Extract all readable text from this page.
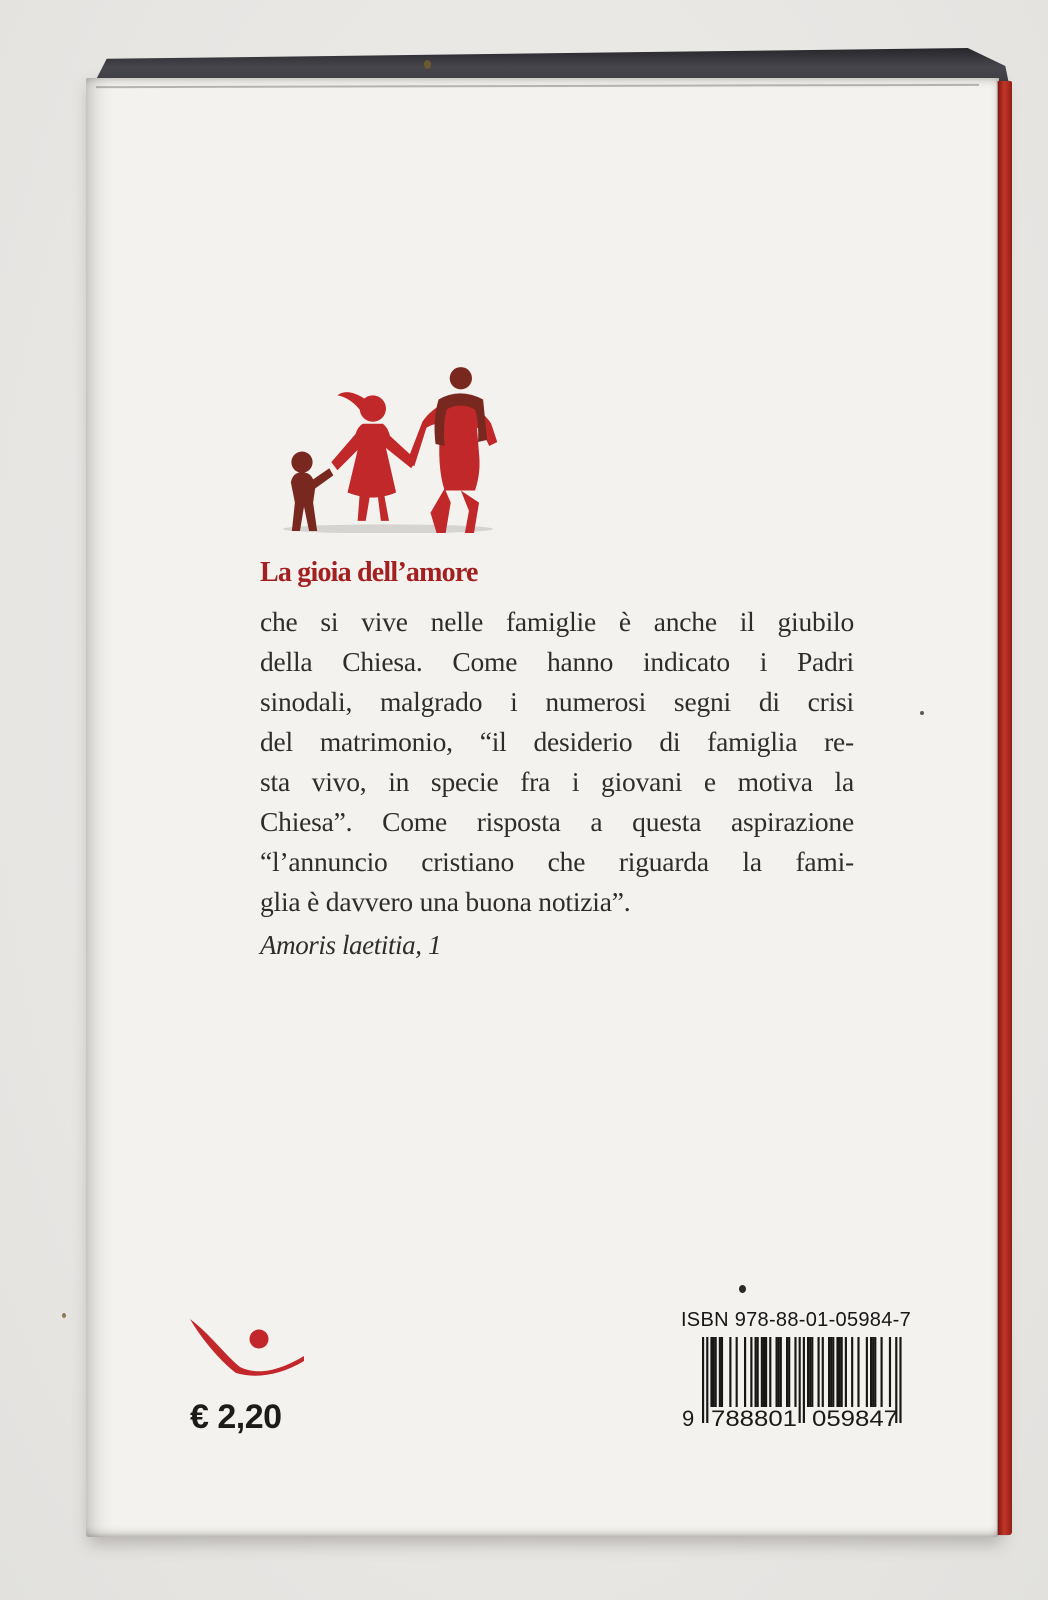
La gioia dell’amore
che si vive nelle famiglie è anche il giubilo
della Chiesa. Come hanno indicato i Padri
sinodali, malgrado i numerosi segni di crisi
del matrimonio, “il desiderio di famiglia re-
sta vivo, in specie fra i giovani e motiva la
Chiesa”. Come risposta a questa aspirazione
“l’annuncio cristiano che riguarda la fami-
glia è davvero una buona notizia”.
Amoris laetitia, 1
€ 2,20
ISBN 978-88-01-05984-7
9 788801 059847
